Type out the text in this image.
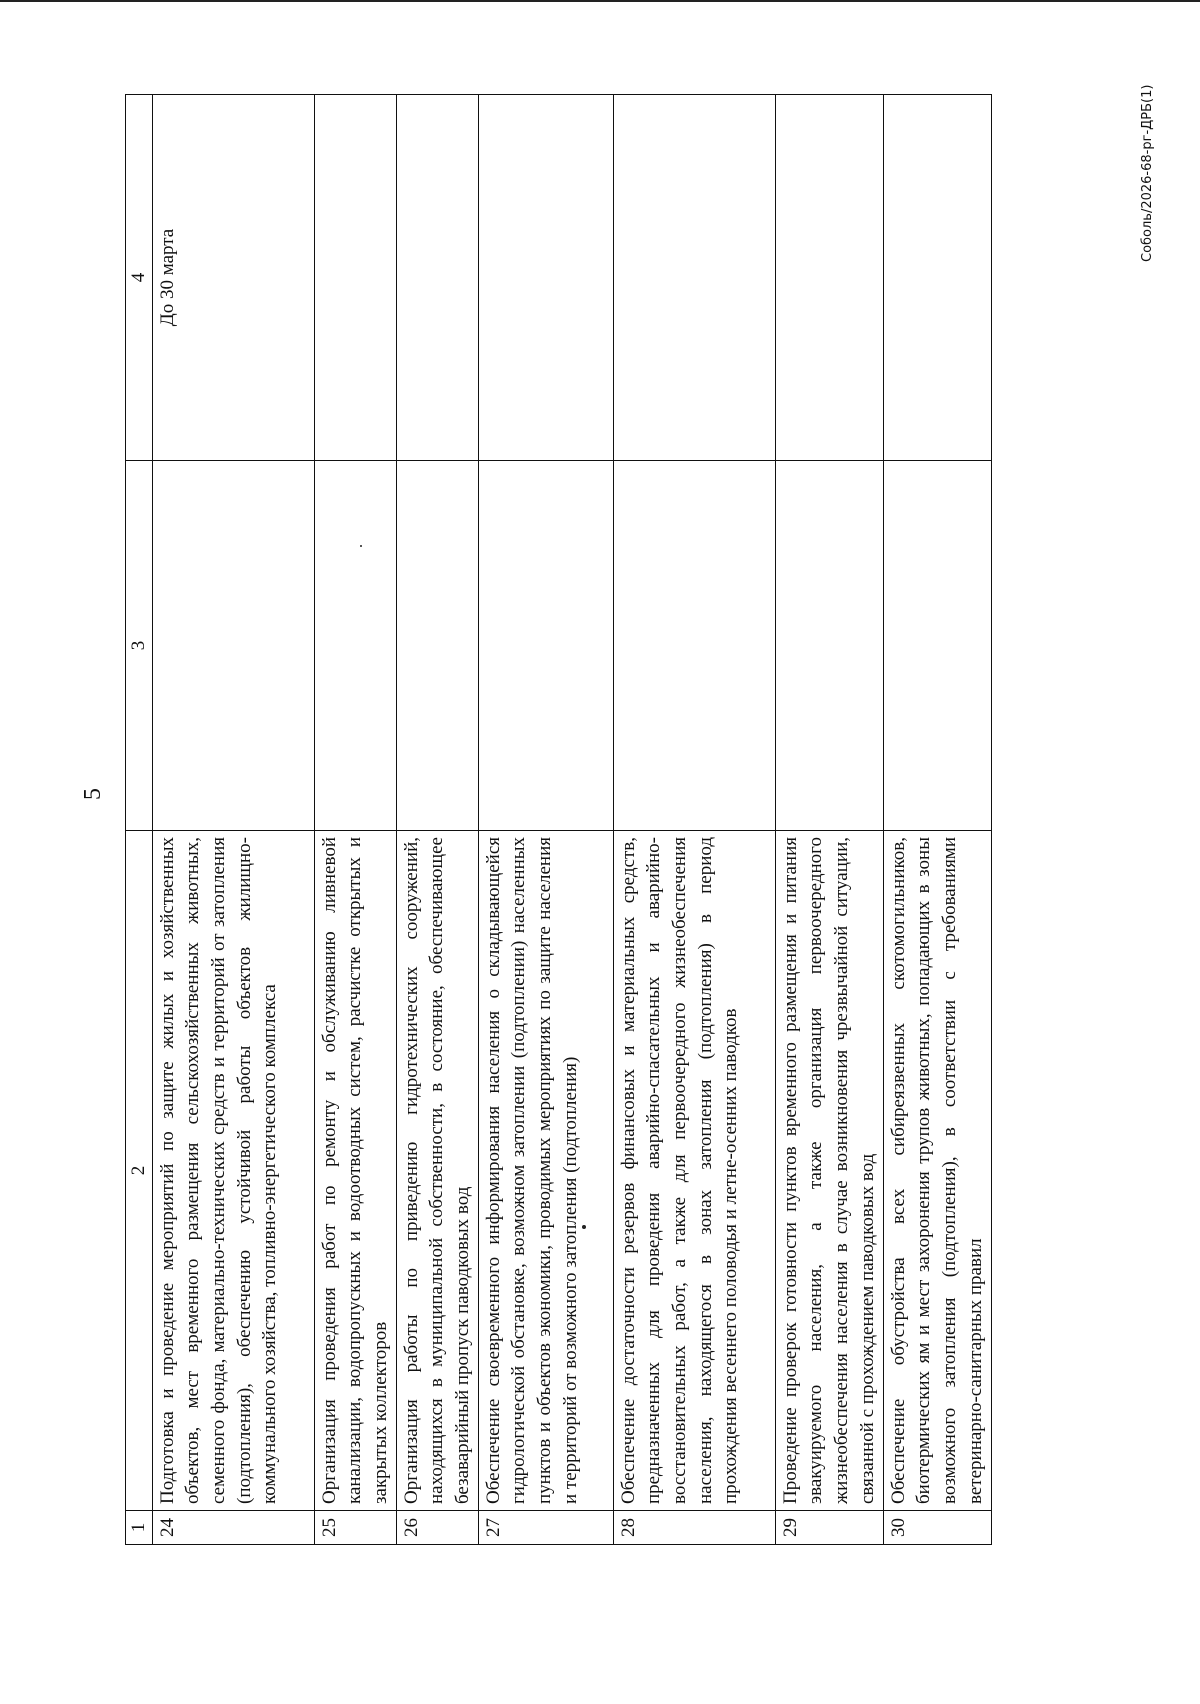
5
Соболь/2026-68-рг-ДРБ(1)
1	2	3	4
24	Подготовка и проведение мероприятий по защите жилых и хозяйственных объектов, мест временного размещения сельскохозяйственных животных, семенного фонда, материально-технических средств и территорий от затопления (подтопления), обеспечению устойчивой работы объектов жилищно-коммунального хозяйства, топливно-энергетического комплекса		До 30 марта
25	Организация проведения работ по ремонту и обслуживанию ливневой канализации, водопропускных и водоотводных систем, расчистке открытых и закрытых коллекторов		
26	Организация работы по приведению гидротехнических сооружений, находящихся в муниципальной собственности, в состояние, обеспечивающее безаварийный пропуск паводковых вод		
27	Обеспечение своевременного информирования населения о складывающейся гидрологической обстановке, возможном затоплении (подтоплении) населенных пунктов и объектов экономики, проводимых мероприятиях по защите населения и территорий от возможного затопления (подтопления)		
28	Обеспечение достаточности резервов финансовых и материальных средств, предназначенных для проведения аварийно-спасательных и аварийно-восстановительных работ, а также для первоочередного жизнеобеспечения населения, находящегося в зонах затопления (подтопления) в период прохождения весеннего половодья и летне-осенних паводков		
29	Проведение проверок готовности пунктов временного размещения и питания эвакуируемого населения, а также организация первоочередного жизнеобеспечения населения в случае возникновения чрезвычайной ситуации, связанной с прохождением паводковых вод		
30	Обеспечение обустройства всех сибиреязвенных скотомогильников, биотермических ям и мест захоронения трупов животных, попадающих в зоны возможного затопления (подтопления), в соответствии с требованиями ветеринарно-санитарных правил		
